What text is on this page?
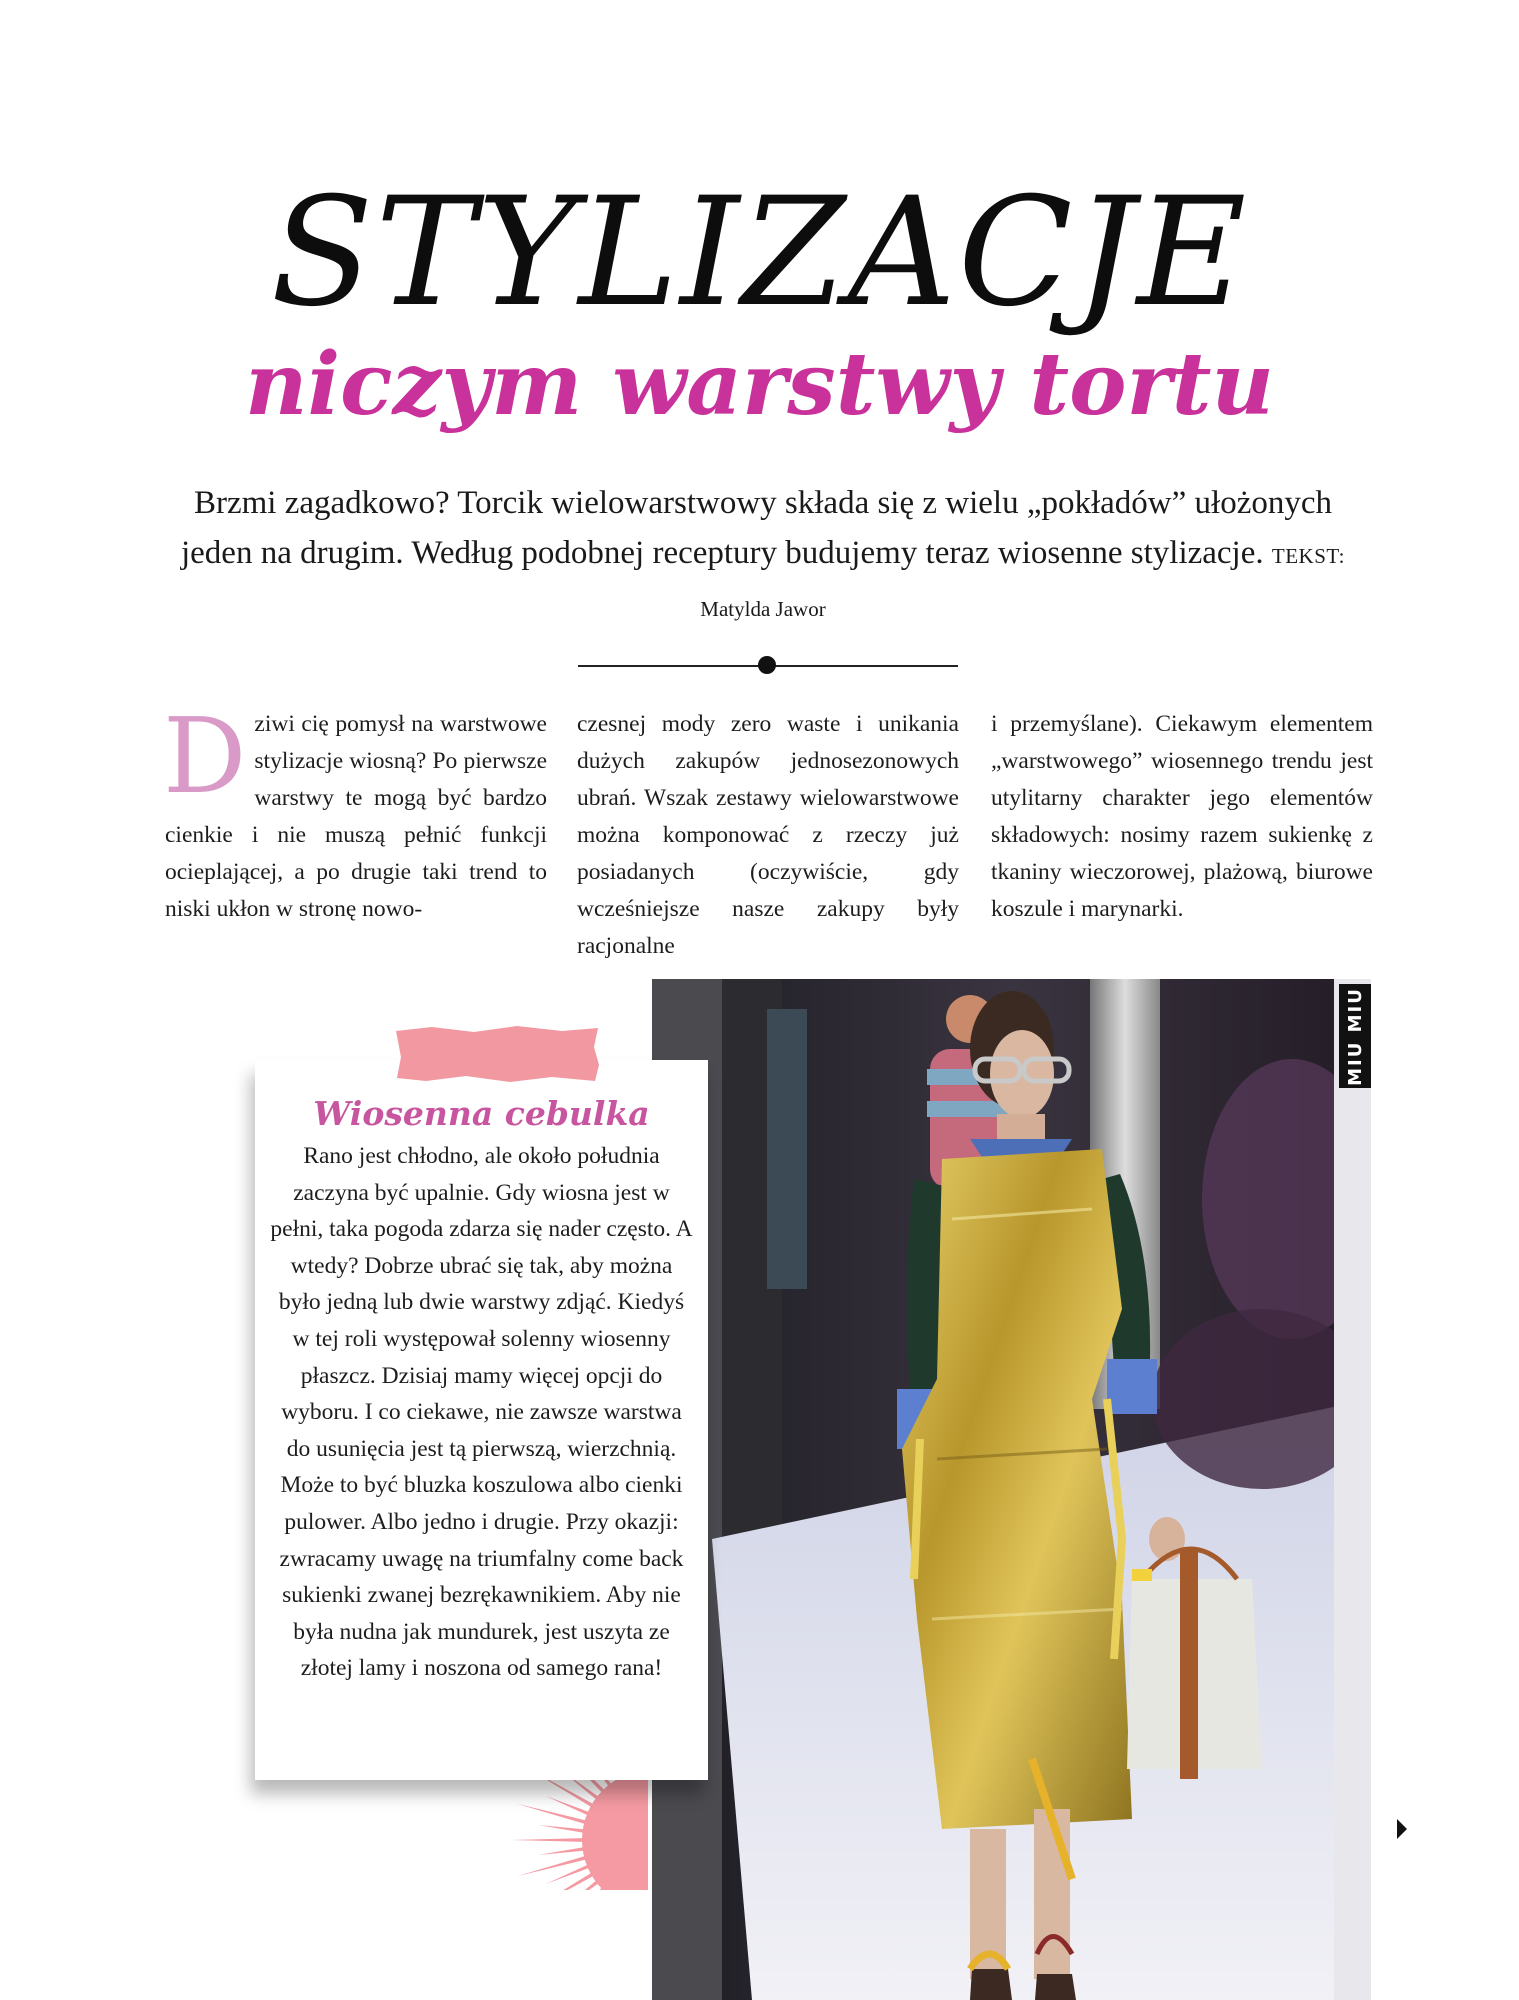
STYLIZACJE
niczym warstwy tortu

Brzmi zagadkowo? Torcik wielowarstwowy składa się z wielu „pokładów” ułożonych jeden na drugim. Według podobnej receptury budujemy teraz wiosenne stylizacje. TEKST: Matylda Jawor

Dziwi cię pomysł na warstwowe stylizacje wiosną? Po pierwsze warstwy te mogą być bardzo cienkie i nie muszą pełnić funkcji ocieplającej, a po drugie taki trend to niski ukłon w stronę nowo-

czesnej mody zero waste i unikania dużych zakupów jednosezonowych ubrań. Wszak zestawy wielowarstwowe można komponować z rzeczy już posiadanych (oczywiście, gdy wcześniejsze nasze zakupy były racjonalne

i przemyślane). Ciekawym elementem „warstwowego” wiosennego trendu jest utylitarny charakter jego elementów składowych: nosimy razem sukienkę z tkaniny wieczorowej, plażową, biurowe koszule i marynarki.

MIU MIU
Wiosenna cebulka

Rano jest chłodno, ale około południa zaczyna być upalnie. Gdy wiosna jest w pełni, taka pogoda zdarza się nader często. A wtedy? Dobrze ubrać się tak, aby można było jedną lub dwie warstwy zdjąć. Kiedyś w tej roli występował solenny wiosenny płaszcz. Dzisiaj mamy więcej opcji do wyboru. I co ciekawe, nie zawsze warstwa do usunięcia jest tą pierwszą, wierzchnią. Może to być bluzka koszulowa albo cienki pulower. Albo jedno i drugie. Przy okazji: zwracamy uwagę na triumfalny come back sukienki zwanej bezrękawnikiem. Aby nie była nudna jak mundurek, jest uszyta ze złotej lamy i noszona od samego rana!
